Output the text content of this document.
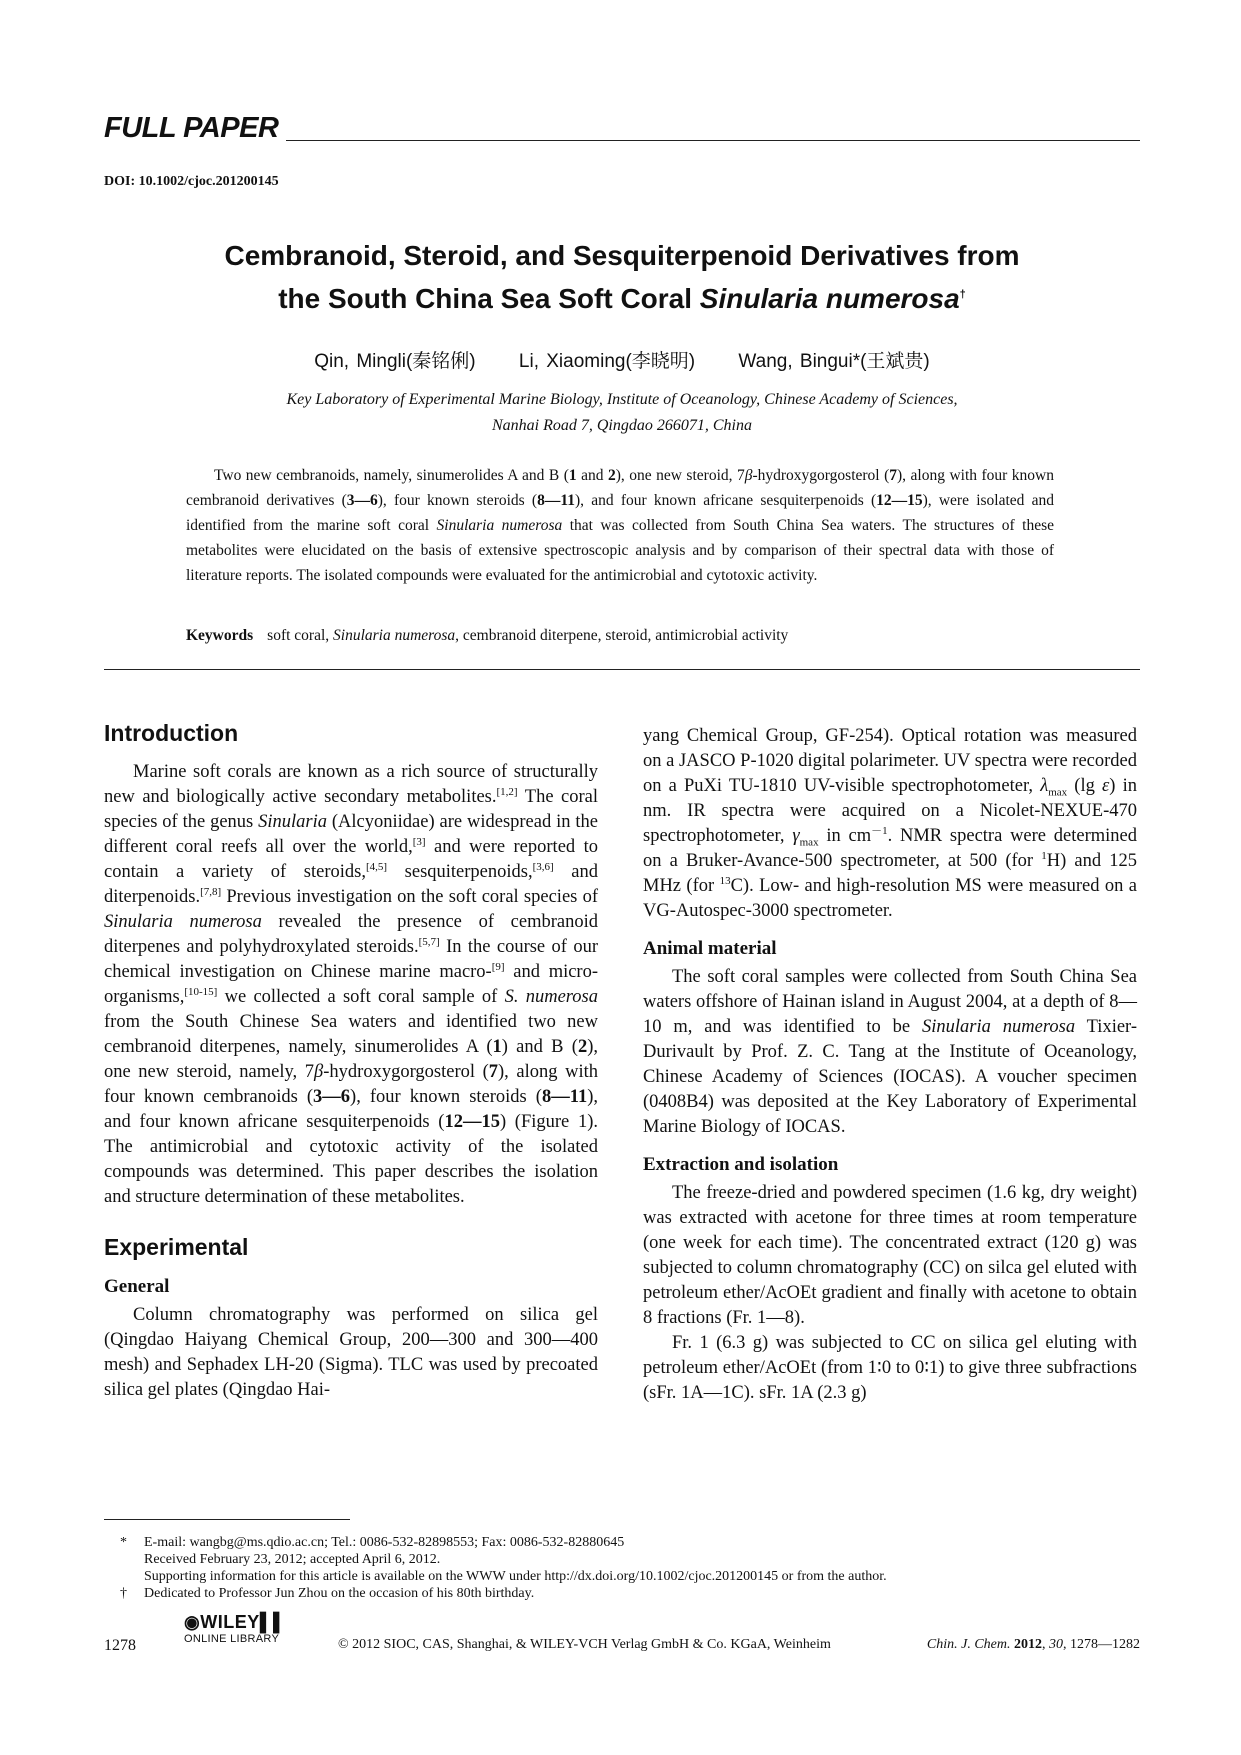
FULL PAPER
DOI: 10.1002/cjoc.201200145
Cembranoid, Steroid, and Sesquiterpenoid Derivatives from
the South China Sea Soft Coral Sinularia numerosa†
Qin, Mingli(秦铭俐) Li, Xiaoming(李晓明) Wang, Bingui*(王斌贵)
Key Laboratory of Experimental Marine Biology, Institute of Oceanology, Chinese Academy of Sciences,
Nanhai Road 7, Qingdao 266071, China
Two new cembranoids, namely, sinumerolides A and B (1 and 2), one new steroid, 7β-hydroxygorgosterol (7), along with four known cembranoid derivatives (3—6), four known steroids (8—11), and four known africane sesquiterpenoids (12—15), were isolated and identified from the marine soft coral Sinularia numerosa that was collected from South China Sea waters. The structures of these metabolites were elucidated on the basis of extensive spectroscopic analysis and by comparison of their spectral data with those of literature reports. The isolated compounds were evaluated for the antimicrobial and cytotoxic activity.
Keywords soft coral, Sinularia numerosa, cembranoid diterpene, steroid, antimicrobial activity
Introduction

Marine soft corals are known as a rich source of structurally new and biologically active secondary metabolites.[1,2] The coral species of the genus Sinularia (Alcyoniidae) are widespread in the different coral reefs all over the world,[3] and were reported to contain a variety of steroids,[4,5] sesquiterpenoids,[3,6] and diterpenoids.[7,8] Previous investigation on the soft coral species of Sinularia numerosa revealed the presence of cembranoid diterpenes and polyhydroxylated steroids.[5,7] In the course of our chemical investigation on Chinese marine macro-[9] and micro-organisms,[10-15] we collected a soft coral sample of S. numerosa from the South Chinese Sea waters and identified two new cembranoid diterpenes, namely, sinumerolides A (1) and B (2), one new steroid, namely, 7β-hydroxygorgosterol (7), along with four known cembranoids (3—6), four known steroids (8—11), and four known africane sesquiterpenoids (12—15) (Figure 1). The antimicrobial and cytotoxic activity of the isolated compounds was determined. This paper describes the isolation and structure determination of these metabolites.

Experimental
General

Column chromatography was performed on silica gel (Qingdao Haiyang Chemical Group, 200—300 and 300—400 mesh) and Sephadex LH-20 (Sigma). TLC was used by precoated silica gel plates (Qingdao Hai-

yang Chemical Group, GF-254). Optical rotation was measured on a JASCO P-1020 digital polarimeter. UV spectra were recorded on a PuXi TU-1810 UV-visible spectrophotometer, $\lambda_{max}$ (lg ε) in nm. IR spectra were acquired on a Nicolet-NEXUE-470 spectrophotometer, $\gamma_{max}$ in $cm^{-1}$. NMR spectra were determined on a Bruker-Avance-500 spectrometer, at 500 (for $^1$H) and 125 MHz (for $^{13}$C). Low- and high-resolution MS were measured on a VG-Autospec-3000 spectrometer.

Animal material

The soft coral samples were collected from South China Sea waters offshore of Hainan island in August 2004, at a depth of 8—10 m, and was identified to be Sinularia numerosa Tixier-Durivault by Prof. Z. C. Tang at the Institute of Oceanology, Chinese Academy of Sciences (IOCAS). A voucher specimen (0408B4) was deposited at the Key Laboratory of Experimental Marine Biology of IOCAS.

Extraction and isolation

The freeze-dried and powdered specimen (1.6 kg, dry weight) was extracted with acetone for three times at room temperature (one week for each time). The concentrated extract (120 g) was subjected to column chromatography (CC) on silca gel eluted with petroleum ether/AcOEt gradient and finally with acetone to obtain 8 fractions (Fr. 1—8).

Fr. 1 (6.3 g) was subjected to CC on silica gel eluting with petroleum ether/AcOEt (from 1∶0 to 0∶1) to give three subfractions (sFr. 1A—1C). sFr. 1A (2.3 g)

* E-mail: wangbg@ms.qdio.ac.cn; Tel.: 0086-532-82898553; Fax: 0086-532-82880645
Received February 23, 2012; accepted April 6, 2012.
Supporting information for this article is available on the WWW under http://dx.doi.org/10.1002/cjoc.201200145 or from the author.
† Dedicated to Professor Jun Zhou on the occasion of his 80th birthday.
◉WILEY▌▌
ONLINE LIBRARY
1278	© 2012 SIOC, CAS, Shanghai, & WILEY-VCH Verlag GmbH & Co. KGaA, Weinheim	Chin. J. Chem. 2012, 30, 1278—1282
